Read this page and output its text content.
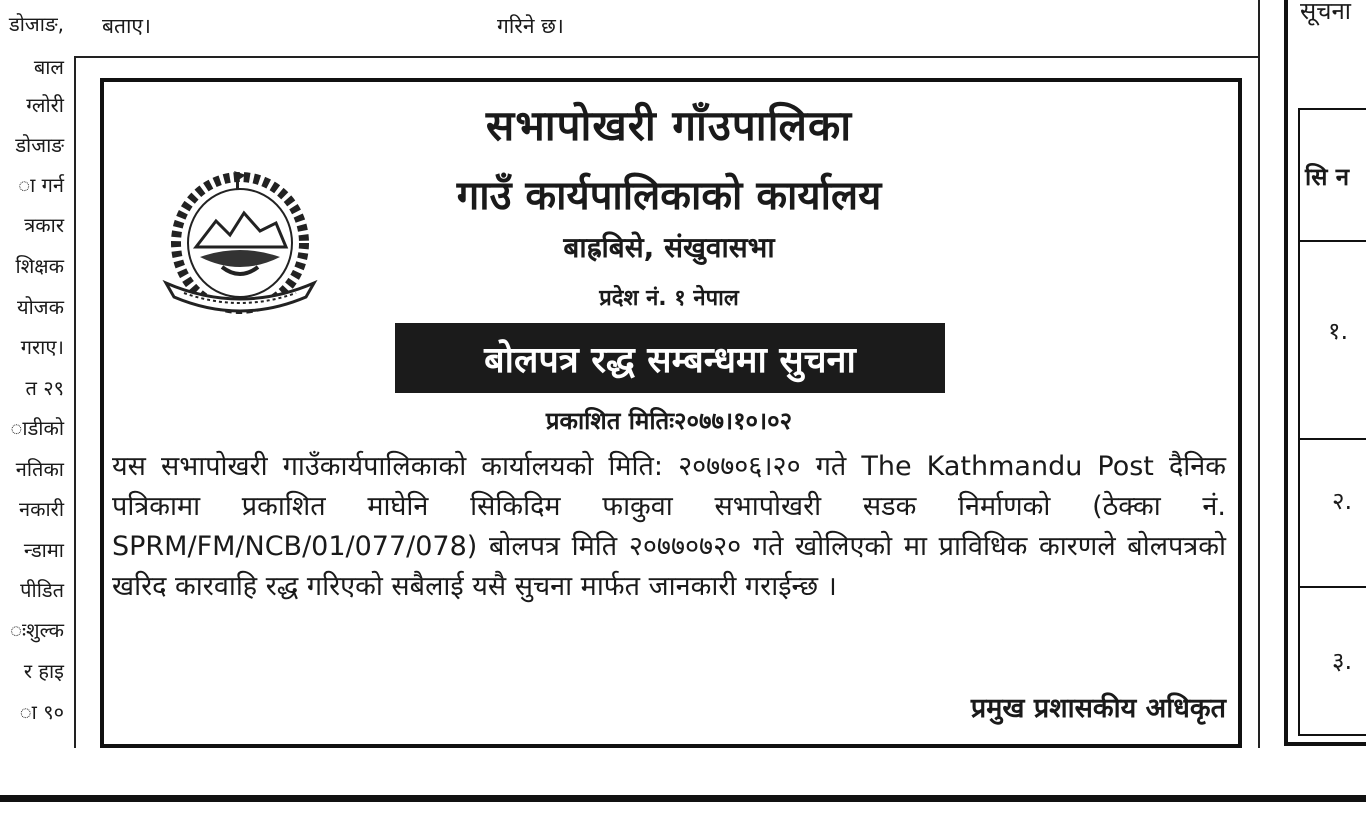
डोजाङ,
बाल
ग्लोरी
डोजाङ
ा गर्न
त्रकार
शिक्षक
योजक
गराए।
त २९
ाडीको
नतिका
नकारी
न्डामा
पीडित
ःशुल्क
र हाइ
ा ९०
बताए।	गरिने छ।
सभापोखरी गाँउपालिका
गाउँ कार्यपालिकाको कार्यालय
बाह्रबिसे, संखुवासभा
प्रदेश नं. १ नेपाल
बोलपत्र रद्ध सम्बन्धमा सुचना
प्रकाशित मितिः२०७७।१०।०२
यस सभापोखरी गाउँकार्यपालिकाको कार्यालयको मिति: २०७७०६।२० गते The Kathmandu Post दैनिक पत्रिकामा प्रकाशित माघेनि सिकिदिम फाकुवा सभापोखरी सडक निर्माणको (ठेक्का नं. SPRM/FM/NCB/01/077/078) बोलपत्र मिति २०७७०७२० गते खोलिएको मा प्राविधिक कारणले बोलपत्रको खरिद कारवाहि रद्ध गरिएको सबैलाई यसै सुचना मार्फत जानकारी गराईन्छ ।
प्रमुख प्रशासकीय अधिकृत
सूचना
सि न
१.
२.
३.
